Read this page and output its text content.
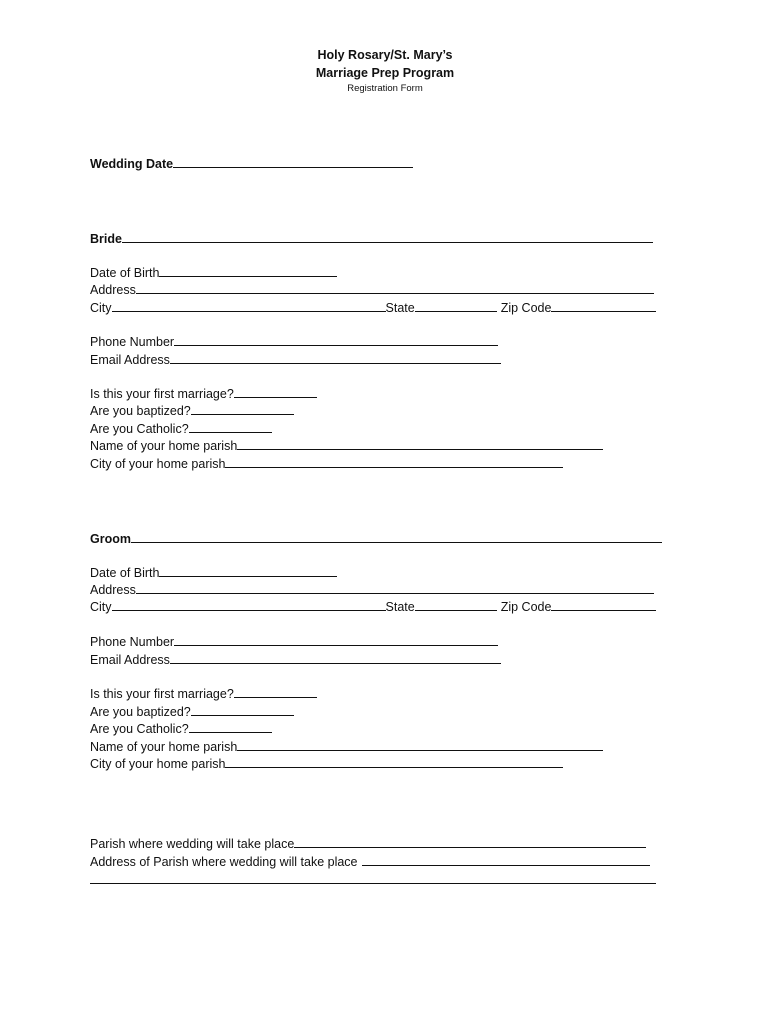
Holy Rosary/St. Mary’s
Marriage Prep Program
Registration Form
Wedding Date
Bride
Date of Birth
Address
City	State	Zip Code
Phone Number
Email Address
Is this your first marriage?
Are you baptized?
Are you Catholic?
Name of your home parish
City of your home parish
Groom
Date of Birth
Address
City	State	Zip Code
Phone Number
Email Address
Is this your first marriage?
Are you baptized?
Are you Catholic?
Name of your home parish
City of your home parish
Parish where wedding will take place
Address of Parish where wedding will take place
